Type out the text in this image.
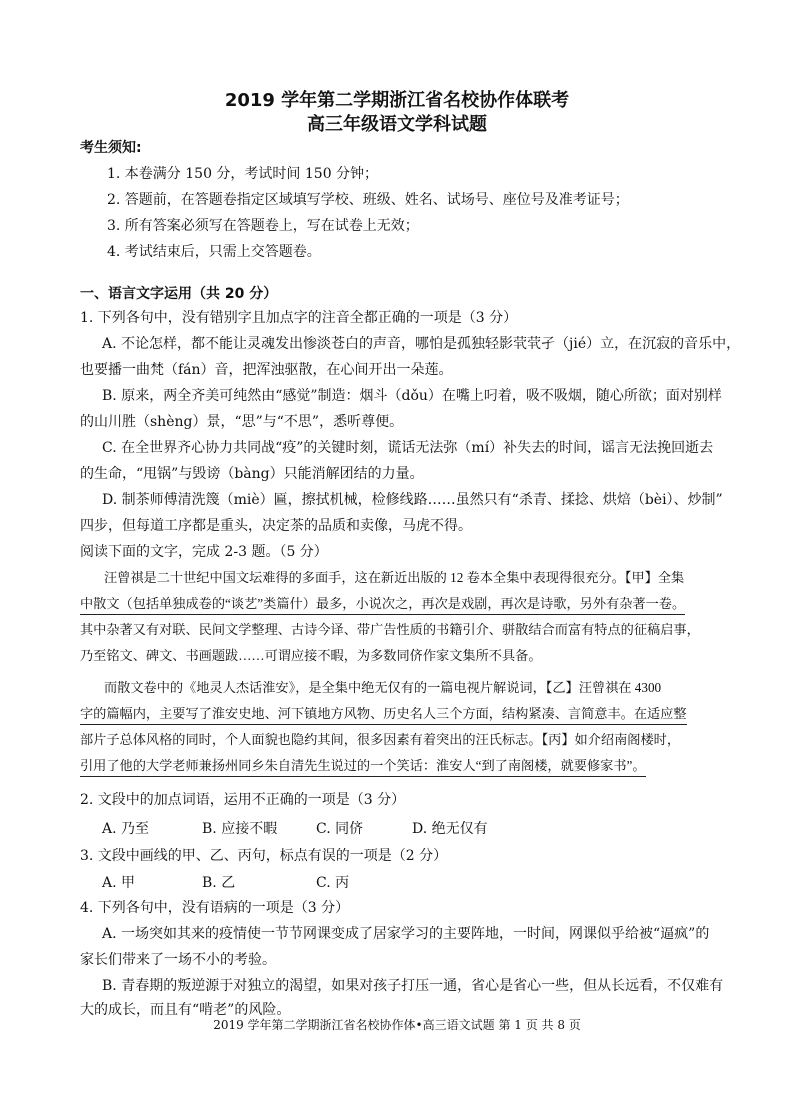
2019 学年第二学期浙江省名校协作体联考
高三年级语文学科试题
考生须知:
1. 本卷满分 150 分，考试时间 150 分钟；
2. 答题前，在答题卷指定区域填写学校、班级、姓名、试场号、座位号及准考证号；
3. 所有答案必须写在答题卷上，写在试卷上无效；
4. 考试结束后，只需上交答题卷。
一、语言文字运用（共 20 分）
1. 下列各句中，没有错别字且加点字的注音全都正确的一项是（3 分）
A. 不论怎样，都不能让灵魂发出惨淡苍白的声音，哪怕是孤独轻影茕茕孑（jié）立，在沉寂的音乐中，
也要播一曲梵（fán）音，把浑浊驱散，在心间开出一朵莲。
B. 原来，两全齐美可纯然由“感觉”制造：烟斗（dǒu）在嘴上叼着，吸不吸烟，随心所欲；面对别样
的山川胜（shèng）景，“思”与“不思”，悉听尊便。
C. 在全世界齐心协力共同战“疫”的关键时刻，谎话无法弥（mí）补失去的时间，谣言无法挽回逝去
的生命，“甩锅”与毁谤（bàng）只能消解团结的力量。
D. 制茶师傅清洗篾（miè）匾，擦拭机械，检修线路……虽然只有“杀青、揉捻、烘焙（bèi）、炒制”
四步，但每道工序都是重头，决定茶的品质和卖像，马虎不得。
阅读下面的文字，完成 2-3 题。（5 分）
汪曾祺是二十世纪中国文坛难得的多面手，这在新近出版的 12 卷本全集中表现得很充分。【甲】全集
中散文（包括单独成卷的“谈艺”类篇什）最多，小说次之，再次是戏剧，再次是诗歌，另外有杂著一卷。
其中杂著又有对联、民间文学整理、古诗今译、带广告性质的书籍引介、骈散结合而富有特点的征稿启事，
乃至铭文、碑文、书画题跋……可谓应接不暇，为多数同侪作家文集所不具备。
而散文卷中的《地灵人杰话淮安》，是全集中绝无仅有的一篇电视片解说词，【乙】汪曾祺在 4300
字的篇幅内，主要写了淮安史地、河下镇地方风物、历史名人三个方面，结构紧凑、言简意丰。在适应整
部片子总体风格的同时，个人面貌也隐约其间，很多因素有着突出的汪氏标志。【丙】如介绍南阁楼时，
引用了他的大学老师兼扬州同乡朱自清先生说过的一个笑话：淮安人“到了南阁楼，就要修家书”。
2. 文段中的加点词语，运用不正确的一项是（3 分）
A. 乃至	B. 应接不暇	C. 同侪	D. 绝无仅有
3. 文段中画线的甲、乙、丙句，标点有误的一项是（2 分）
A. 甲	B. 乙	C. 丙
4. 下列各句中，没有语病的一项是（3 分）
A. 一场突如其来的疫情使一节节网课变成了居家学习的主要阵地，一时间，网课似乎给被“逼疯”的
家长们带来了一场不小的考验。
B. 青春期的叛逆源于对独立的渴望，如果对孩子打压一通，省心是省心一些，但从长远看，不仅难有
大的成长，而且有“啃老”的风险。
2019 学年第二学期浙江省名校协作体•高三语文试题 第 1 页 共 8 页
